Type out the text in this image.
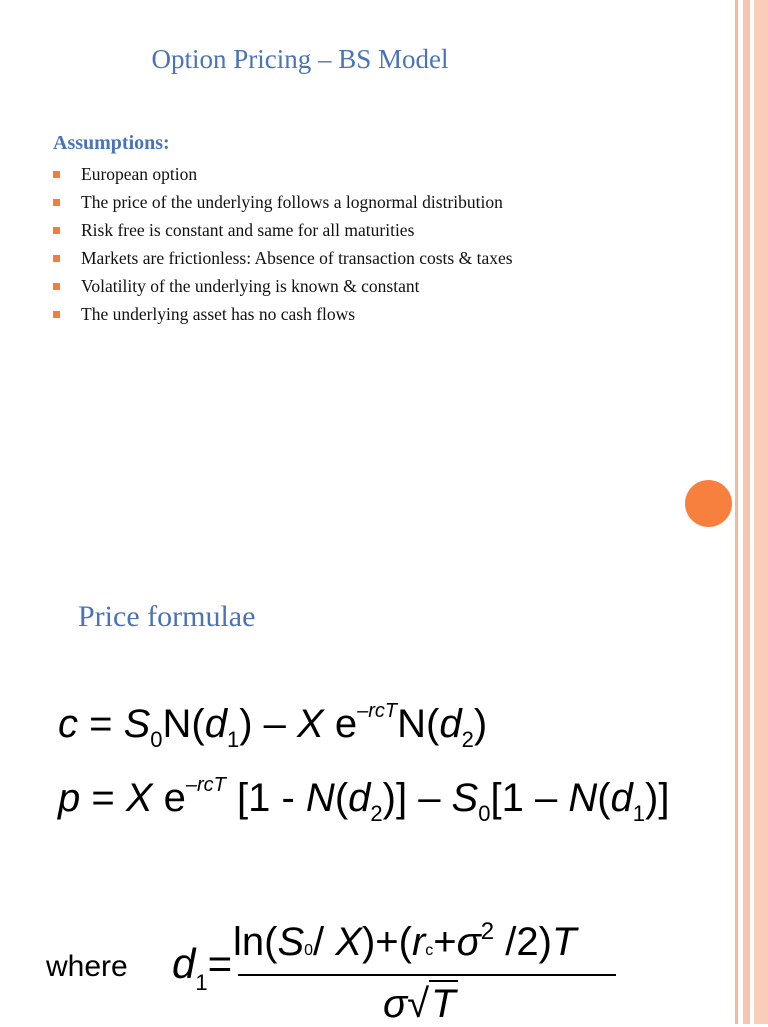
Option Pricing – BS Model
Assumptions:
European option
The price of the underlying follows a lognormal distribution
Risk free is constant and same for all maturities
Markets are frictionless: Absence of transaction costs & taxes
Volatility of the underlying is known & constant
The underlying asset has no cash flows
Price formulae
$c = S_0N(d_1) - X$ $e^{-rcT}N(d_2)$
p = X $e^{-rcT}$ $[1 - N(d_2)] - S_0[1 - N(d_1)]$
where $d_1= \ln(S0/$ $X)+(rc+\sigma^2$ /2)T
σ√T
